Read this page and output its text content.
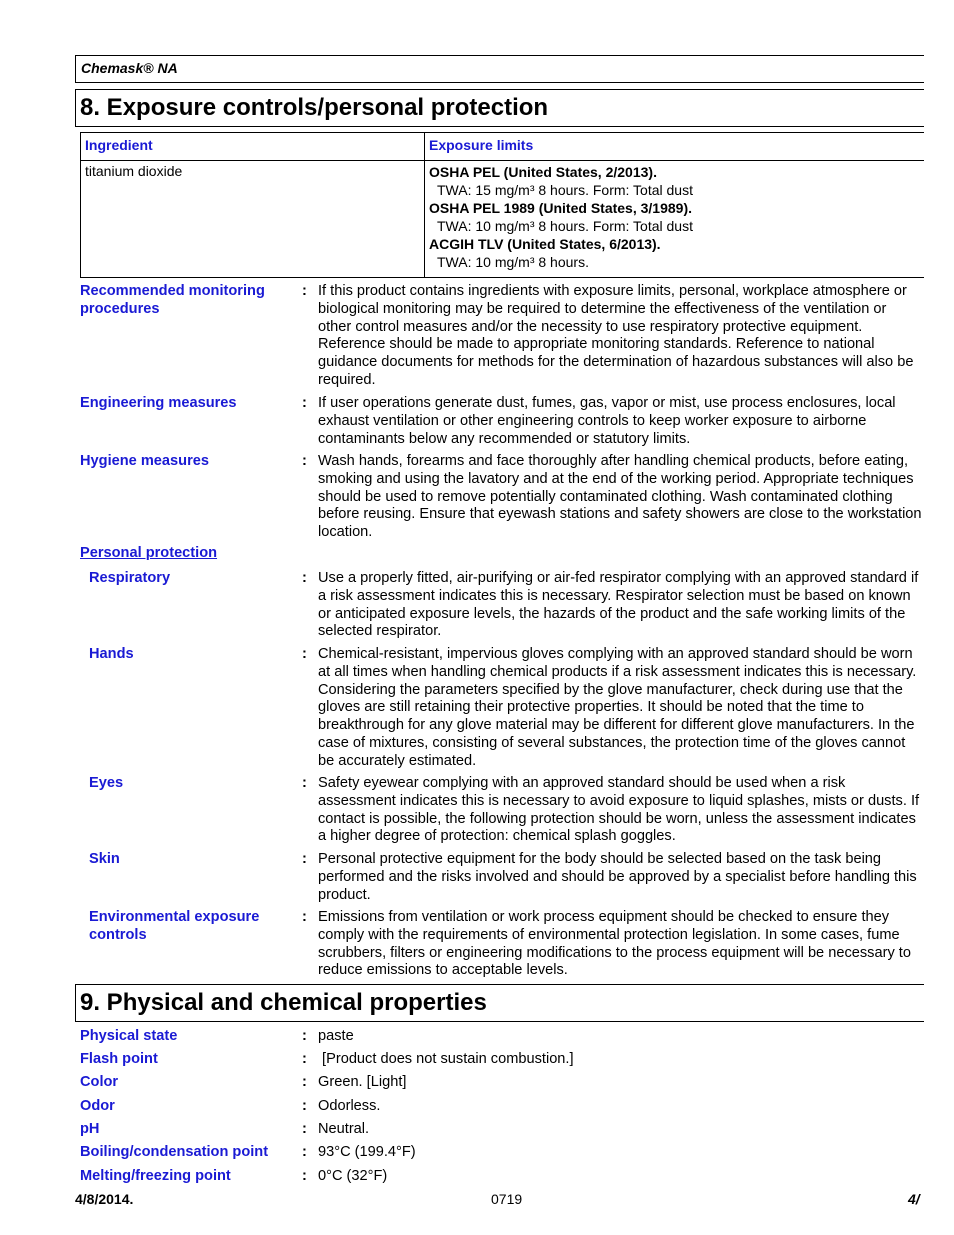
Chemask® NA
8. Exposure controls/personal protection
Ingredient	Exposure limits
titanium dioxide	OSHA PEL (United States, 2/2013).
TWA: 15 mg/m³ 8 hours. Form: Total dust
OSHA PEL 1989 (United States, 3/1989).
TWA: 10 mg/m³ 8 hours. Form: Total dust
ACGIH TLV (United States, 6/2013).
TWA: 10 mg/m³ 8 hours.
Recommended monitoring procedures
: If this product contains ingredients with exposure limits, personal, workplace atmosphere or biological monitoring may be required to determine the effectiveness of the ventilation or other control measures and/or the necessity to use respiratory protective equipment. Reference should be made to appropriate monitoring standards. Reference to national guidance documents for methods for the determination of hazardous substances will also be required.
Engineering measures	: If user operations generate dust, fumes, gas, vapor or mist, use process enclosures, local exhaust ventilation or other engineering controls to keep worker exposure to airborne contaminants below any recommended or statutory limits.
Hygiene measures	: Wash hands, forearms and face thoroughly after handling chemical products, before eating, smoking and using the lavatory and at the end of the working period. Appropriate techniques should be used to remove potentially contaminated clothing. Wash contaminated clothing before reusing. Ensure that eyewash stations and safety showers are close to the workstation location.
Personal protection
Respiratory	: Use a properly fitted, air-purifying or air-fed respirator complying with an approved standard if a risk assessment indicates this is necessary. Respirator selection must be based on known or anticipated exposure levels, the hazards of the product and the safe working limits of the selected respirator.
Hands	: Chemical-resistant, impervious gloves complying with an approved standard should be worn at all times when handling chemical products if a risk assessment indicates this is necessary. Considering the parameters specified by the glove manufacturer, check during use that the gloves are still retaining their protective properties. It should be noted that the time to breakthrough for any glove material may be different for different glove manufacturers. In the case of mixtures, consisting of several substances, the protection time of the gloves cannot be accurately estimated.
Eyes	: Safety eyewear complying with an approved standard should be used when a risk assessment indicates this is necessary to avoid exposure to liquid splashes, mists or dusts. If contact is possible, the following protection should be worn, unless the assessment indicates a higher degree of protection: chemical splash goggles.
Skin	: Personal protective equipment for the body should be selected based on the task being performed and the risks involved and should be approved by a specialist before handling this product.
Environmental exposure controls
: Emissions from ventilation or work process equipment should be checked to ensure they comply with the requirements of environmental protection legislation. In some cases, fume scrubbers, filters or engineering modifications to the process equipment will be necessary to reduce emissions to acceptable levels.
9. Physical and chemical properties
Physical state	: paste
Flash point	: [Product does not sustain combustion.]
Color	: Green. [Light]
Odor	: Odorless.
pH	: Neutral.
Boiling/condensation point	: 93°C (199.4°F)
Melting/freezing point	: 0°C (32°F)
4/8/2014.	0719	4/
